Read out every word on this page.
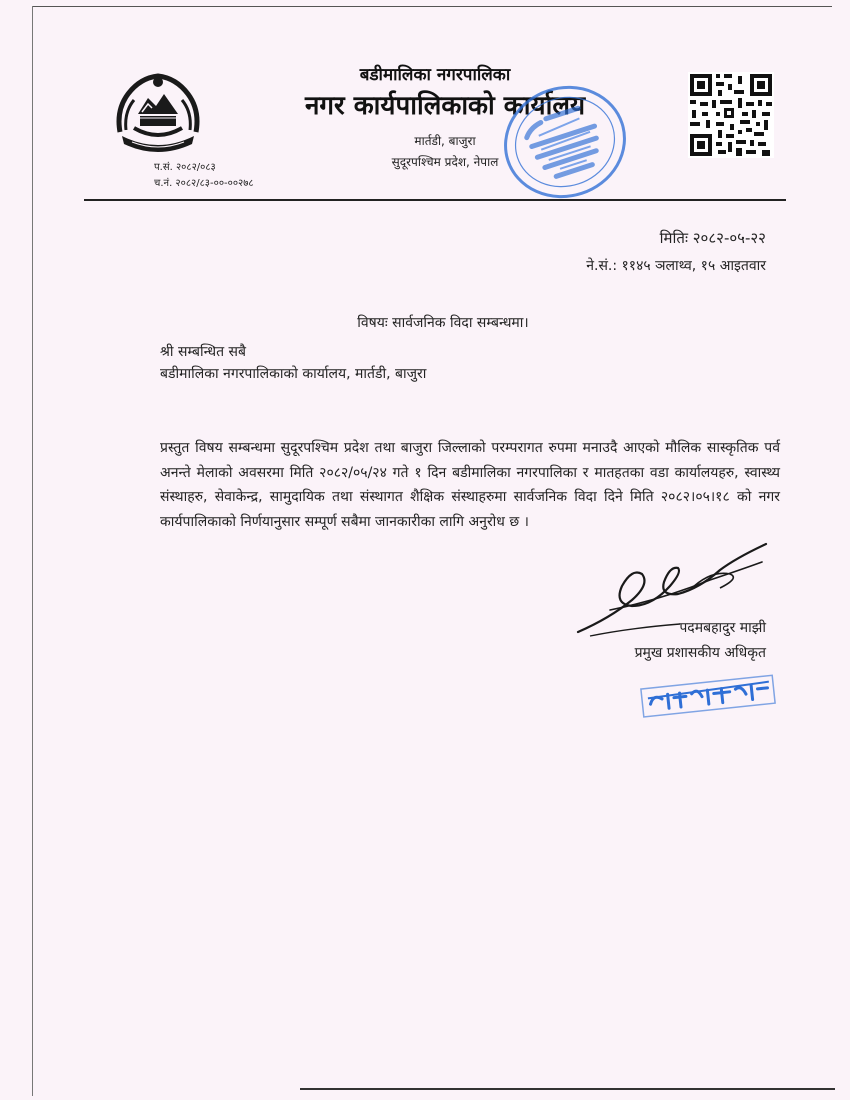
बडीमालिका नगरपालिका
नगर कार्यपालिकाको कार्यालय
मार्तडी, बाजुरा
सुदूरपश्चिम प्रदेश, नेपाल
प.सं. २०८२/०८३
च.नं. २०८२/८३-००-००२७८
मितिः २०८२-०५-२२
ने.सं.: ११४५ ञलाथ्व, १५ आइतवार
विषयः सार्वजनिक विदा सम्बन्धमा।
श्री सम्बन्धित सबै
बडीमालिका नगरपालिकाको कार्यालय, मार्तडी, बाजुरा
प्रस्तुत विषय सम्बन्धमा सुदूरपश्चिम प्रदेश तथा बाजुरा जिल्लाको परम्परागत रुपमा मनाउदै आएको मौलिक सास्कृतिक पर्व अनन्ते मेलाको अवसरमा मिति २०८२/०५/२४ गते १ दिन बडीमालिका नगरपालिका र मातहतका वडा कार्यालयहरु, स्वास्थ्य संस्थाहरु, सेवाकेन्द्र, सामुदायिक तथा संस्थागत शैक्षिक संस्थाहरुमा सार्वजनिक विदा दिने मिति २०८२।०५।१८ को नगर कार्यपालिकाको निर्णयानुसार सम्पूर्ण सबैमा जानकारीका लागि अनुरोध छ ।
पदमबहादुर माझी
प्रमुख प्रशासकीय अधिकृत
